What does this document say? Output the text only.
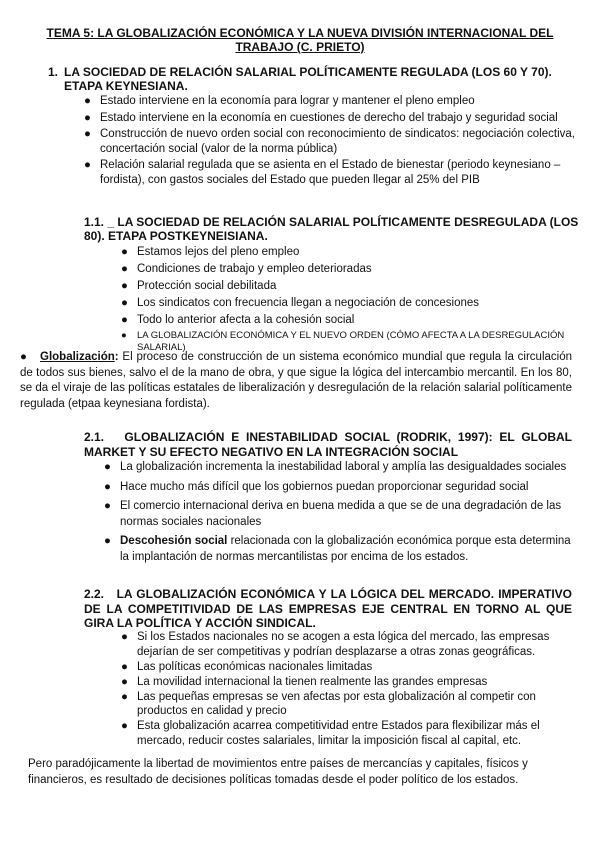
TEMA 5: LA GLOBALIZACIÓN ECONÓMICA Y LA NUEVA DIVISIÓN INTERNACIONAL DEL TRABAJO (C. PRIETO)
1. LA SOCIEDAD DE RELACIÓN SALARIAL POLÍTICAMENTE REGULADA (LOS 60 Y 70).
ETAPA KEYNESIANA.
● Estado interviene en la economía para lograr y mantener el pleno empleo
● Estado interviene en la economía en cuestiones de derecho del trabajo y seguridad social
● Construcción de nuevo orden social con reconocimiento de sindicatos: negociación colectiva, concertación social (valor de la norma pública)
● Relación salarial regulada que se asienta en el Estado de bienestar (periodo keynesiano – fordista), con gastos sociales del Estado que pueden llegar al 25% del PIB
1.1. _ LA SOCIEDAD DE RELACIÓN SALARIAL POLÍTICAMENTE DESREGULADA (LOS 80). ETAPA POSTKEYNEISIANA.
● Estamos lejos del pleno empleo
● Condiciones de trabajo y empleo deterioradas
● Protección social debilitada
● Los sindicatos con frecuencia llegan a negociación de concesiones
● Todo lo anterior afecta a la cohesión social
● LA GLOBALIZACIÓN ECONÓMICA Y EL NUEVO ORDEN (CÓMO AFECTA A LA DESREGULACIÓN SALARIAL)
● Globalización: El proceso de construcción de un sistema económico mundial que regula la circulación de todos sus bienes, salvo el de la mano de obra, y que sigue la lógica del intercambio mercantil. En los 80, se da el viraje de las políticas estatales de liberalización y desregulación de la relación salarial políticamente regulada (etpaa keynesiana fordista).
2.1. GLOBALIZACIÓN E INESTABILIDAD SOCIAL (RODRIK, 1997): EL GLOBAL MARKET Y SU EFECTO NEGATIVO EN LA INTEGRACIÓN SOCIAL
● La globalización incrementa la inestabilidad laboral y amplía las desigualdades sociales
● Hace mucho más difícil que los gobiernos puedan proporcionar seguridad social
● El comercio internacional deriva en buena medida a que se de una degradación de las normas sociales nacionales
● Descohesión social relacionada con la globalización económica porque esta determina la implantación de normas mercantilistas por encima de los estados.
2.2. LA GLOBALIZACIÓN ECONÓMICA Y LA LÓGICA DEL MERCADO. IMPERATIVO DE LA COMPETITIVIDAD DE LAS EMPRESAS EJE CENTRAL EN TORNO AL QUE GIRA LA POLÍTICA Y ACCIÓN SINDICAL.
● Si los Estados nacionales no se acogen a esta lógica del mercado, las empresas dejarían de ser competitivas y podrían desplazarse a otras zonas geográficas.
● Las políticas económicas nacionales limitadas
● La movilidad internacional la tienen realmente las grandes empresas
● Las pequeñas empresas se ven afectas por esta globalización al competir con productos en calidad y precio
● Esta globalización acarrea competitividad entre Estados para flexibilizar más el mercado, reducir costes salariales, limitar la imposición fiscal al capital, etc.
Pero paradójicamente la libertad de movimientos entre países de mercancías y capitales, físicos y financieros, es resultado de decisiones políticas tomadas desde el poder político de los estados.
